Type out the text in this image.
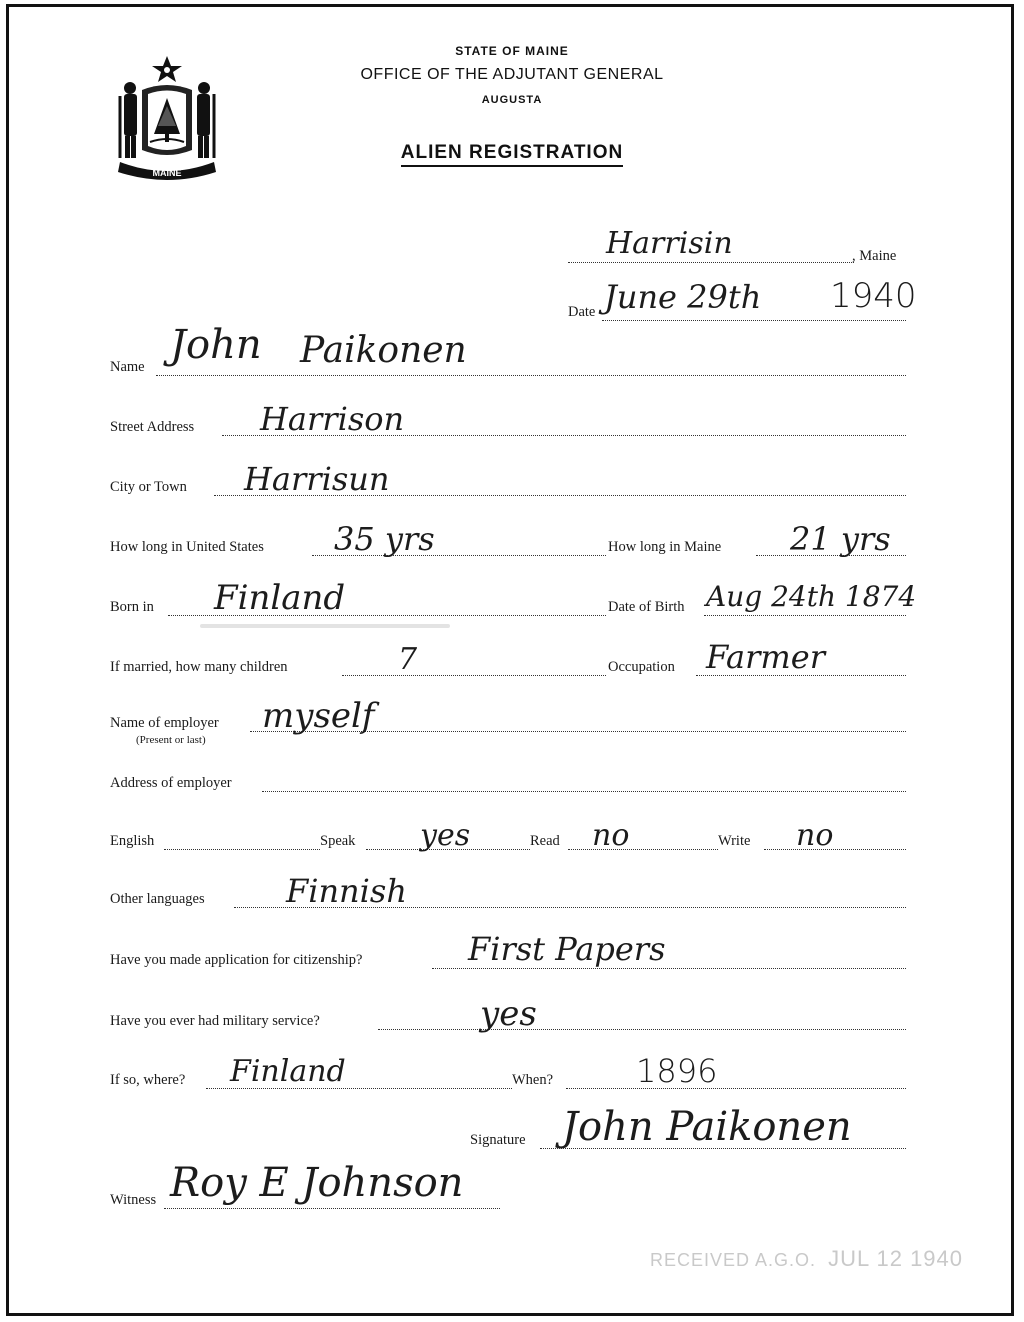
MAINE
STATE OF MAINE
OFFICE OF THE ADJUTANT GENERAL
AUGUSTA
ALIEN REGISTRATION
Harrisin	, Maine
Date June 29th 1940
Name John Paikonen
Street Address Harrison
City or Town Harrisun
How long in United States 35 yrs	How long in Maine 21 yrs
Born in Finland	Date of Birth Aug 24th 1874
If married, how many children	7	Occupation Farmer
Name of employer
(Present or last)
myself
Address of employer
English	Speak yes	Read no	Write no
Other languages	Finnish
Have you made application for citizenship?	First Papers
Have you ever had military service?	yes
If so, where? Finland	When?	1896
Signature John Paikonen
Witness Roy E Johnson
RECEIVED A.G.O. JUL 12 1940
